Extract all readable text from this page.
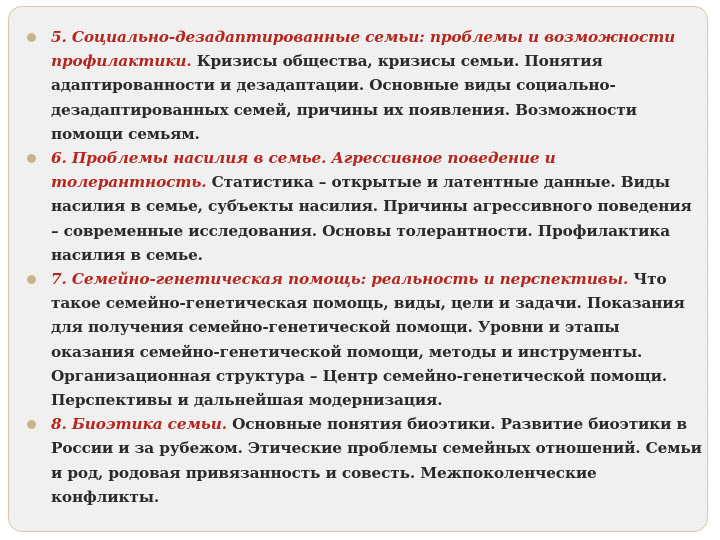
5. Социально-дезадаптированные семьи: проблемы и возможности профилактики. Кризисы общества, кризисы семьи. Понятия адаптированности и дезадаптации. Основные виды социально-дезадаптированных семей, причины их появления. Возможности помощи семьям.
6. Проблемы насилия в семье. Агрессивное поведение и толерантность. Статистика – открытые и латентные данные. Виды насилия в семье, субъекты насилия. Причины агрессивного поведения – современные исследования. Основы толерантности. Профилактика насилия в семье.
7. Семейно-генетическая помощь: реальность и перспективы. Что такое семейно-генетическая помощь, виды, цели и задачи. Показания для получения семейно-генетической помощи. Уровни и этапы оказания семейно-генетической помощи, методы и инструменты. Организационная структура – Центр семейно-генетической помощи. Перспективы и дальнейшая модернизация.
8. Биоэтика семьи. Основные понятия биоэтики. Развитие биоэтики в России и за рубежом. Этические проблемы семейных отношений. Семьи и род, родовая привязанность и совесть. Межпоколенческие конфликты.
